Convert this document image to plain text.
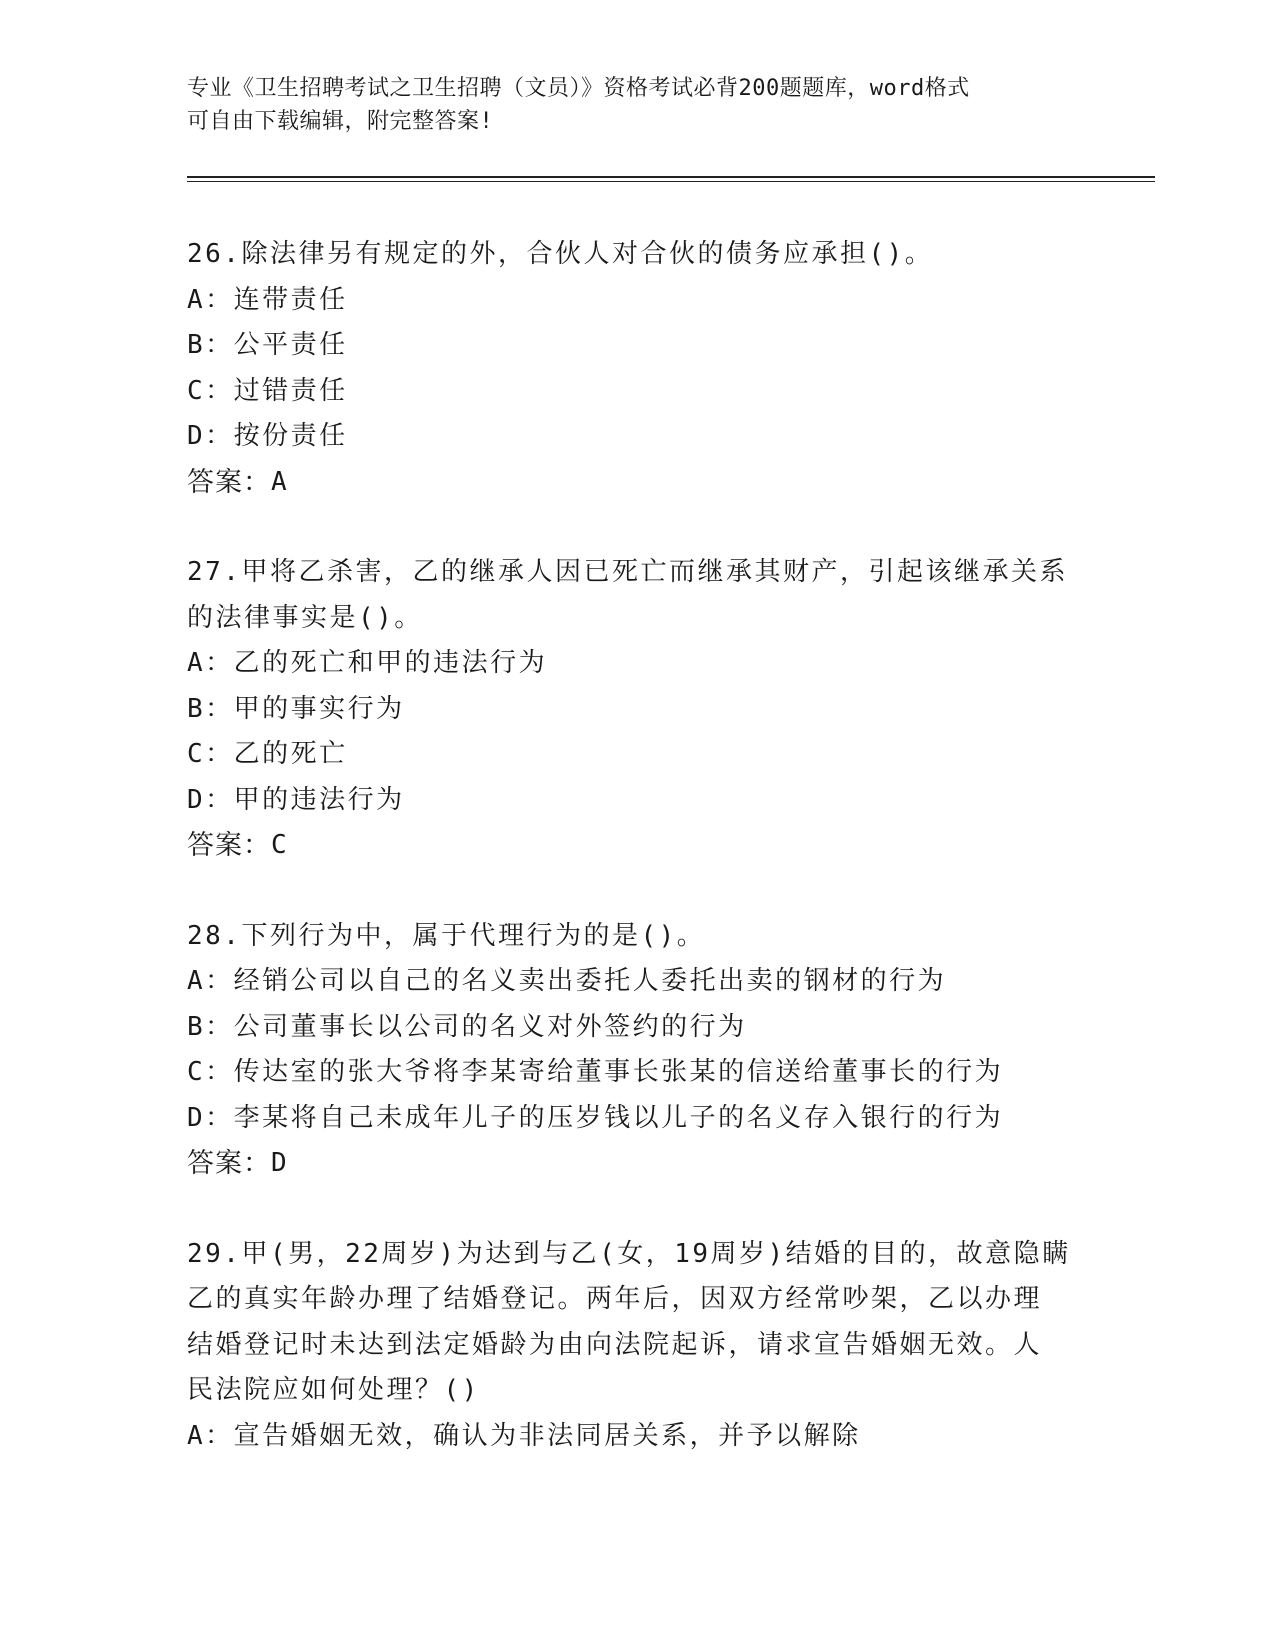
专业《卫生招聘考试之卫生招聘（文员）》资格考试必背200题题库，word格式
可自由下载编辑，附完整答案!
26.除法律另有规定的外，合伙人对合伙的债务应承担()。
A： 连带责任
B： 公平责任
C： 过错责任
D： 按份责任
答案： A
27.甲将乙杀害，乙的继承人因已死亡而继承其财产，引起该继承关系
的法律事实是()。
A： 乙的死亡和甲的违法行为
B： 甲的事实行为
C： 乙的死亡
D： 甲的违法行为
答案： C
28.下列行为中，属于代理行为的是()。
A： 经销公司以自己的名义卖出委托人委托出卖的钢材的行为
B： 公司董事长以公司的名义对外签约的行为
C： 传达室的张大爷将李某寄给董事长张某的信送给董事长的行为
D： 李某将自己未成年儿子的压岁钱以儿子的名义存入银行的行为
答案： D
29.甲(男，22周岁)为达到与乙(女，19周岁)结婚的目的，故意隐瞒
乙的真实年龄办理了结婚登记。两年后，因双方经常吵架，乙以办理
结婚登记时未达到法定婚龄为由向法院起诉，请求宣告婚姻无效。人
民法院应如何处理？()
A： 宣告婚姻无效，确认为非法同居关系，并予以解除
